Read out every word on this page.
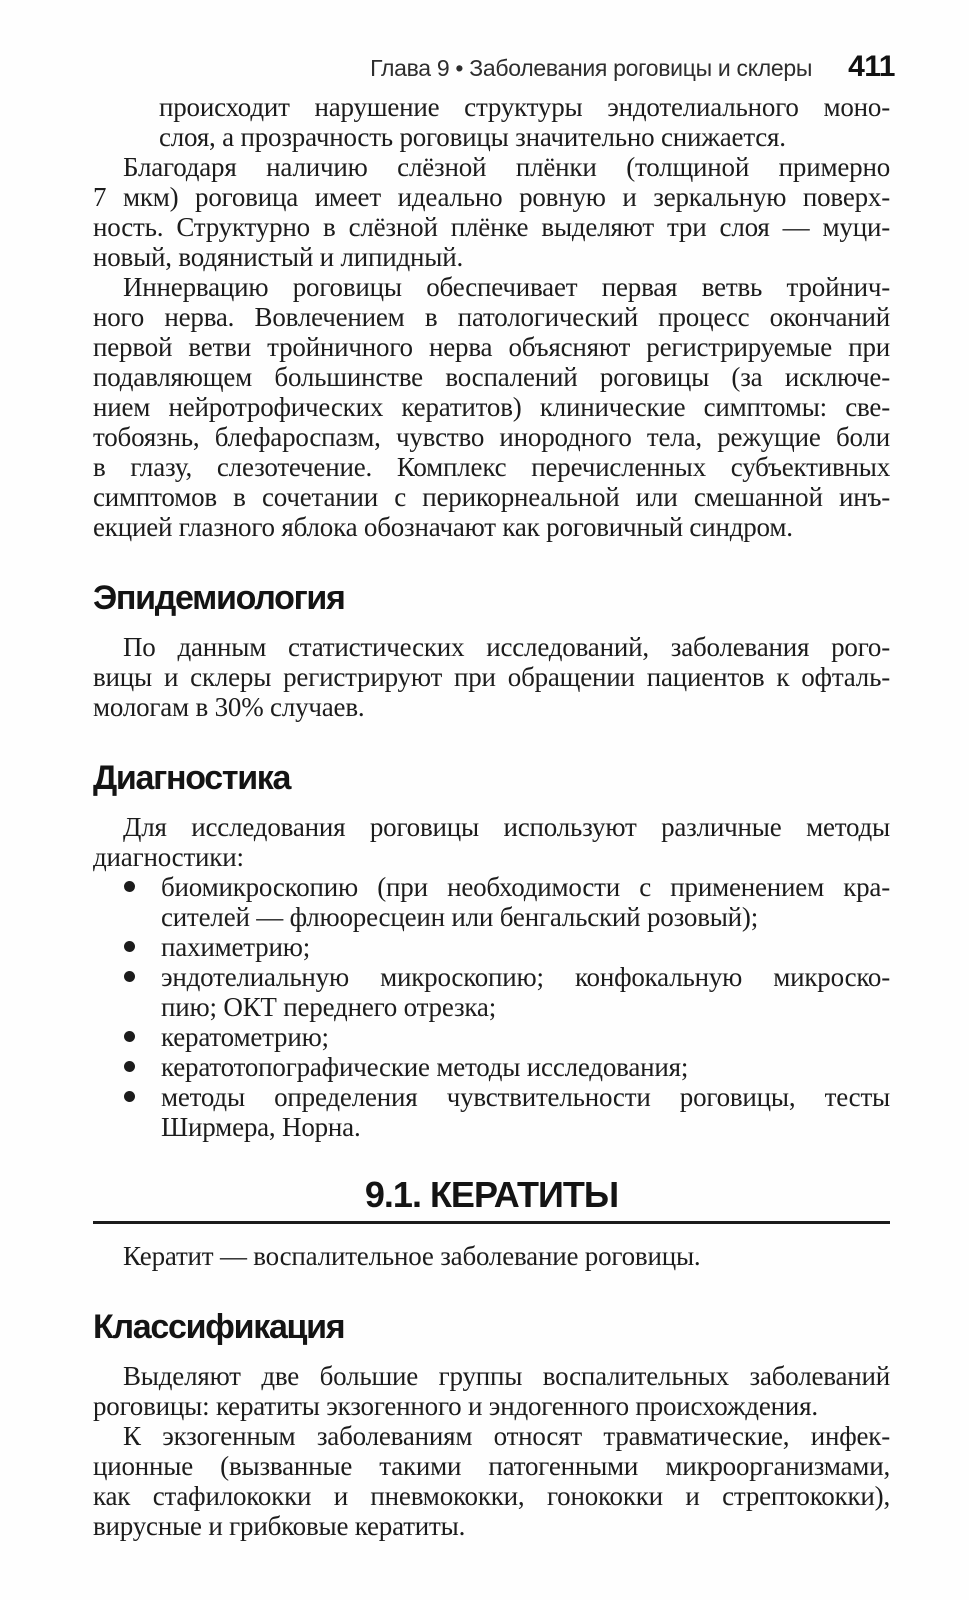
Глава 9 • Заболевания роговицы и склеры 411
происходит нарушение структуры эндотелиального моно-
слоя, а прозрачность роговицы значительно снижается.
Благодаря наличию слёзной плёнки (толщиной примерно
7 мкм) роговица имеет идеально ровную и зеркальную поверх-
ность. Структурно в слёзной плёнке выделяют три слоя — муци-
новый, водянистый и липидный.
Иннервацию роговицы обеспечивает первая ветвь тройнич-
ного нерва. Вовлечением в патологический процесс окончаний
первой ветви тройничного нерва объясняют регистрируемые при
подавляющем большинстве воспалений роговицы (за исключе-
нием нейротрофических кератитов) клинические симптомы: све-
тобоязнь, блефароспазм, чувство инородного тела, режущие боли
в глазу, слезотечение. Комплекс перечисленных субъективных
симптомов в сочетании с перикорнеальной или смешанной инъ-
екцией глазного яблока обозначают как роговичный синдром.
Эпидемиология
По данным статистических исследований, заболевания рого-
вицы и склеры регистрируют при обращении пациентов к офталь-
мологам в 30% случаев.
Диагностика
Для исследования роговицы используют различные методы
диагностики:
биомикроскопию (при необходимости с применением кра-
сителей — флюоресцеин или бенгальский розовый);
пахиметрию;
эндотелиальную микроскопию; конфокальную микроско-
пию; ОКТ переднего отрезка;
кератометрию;
кератотопографические методы исследования;
методы определения чувствительности роговицы, тесты
Ширмера, Норна.
9.1. КЕРАТИТЫ
Кератит — воспалительное заболевание роговицы.
Классификация
Выделяют две большие группы воспалительных заболеваний
роговицы: кератиты экзогенного и эндогенного происхождения.
К экзогенным заболеваниям относят травматические, инфек-
ционные (вызванные такими патогенными микроорганизмами,
как стафилококки и пневмококки, гонококки и стрептококки),
вирусные и грибковые кератиты.
